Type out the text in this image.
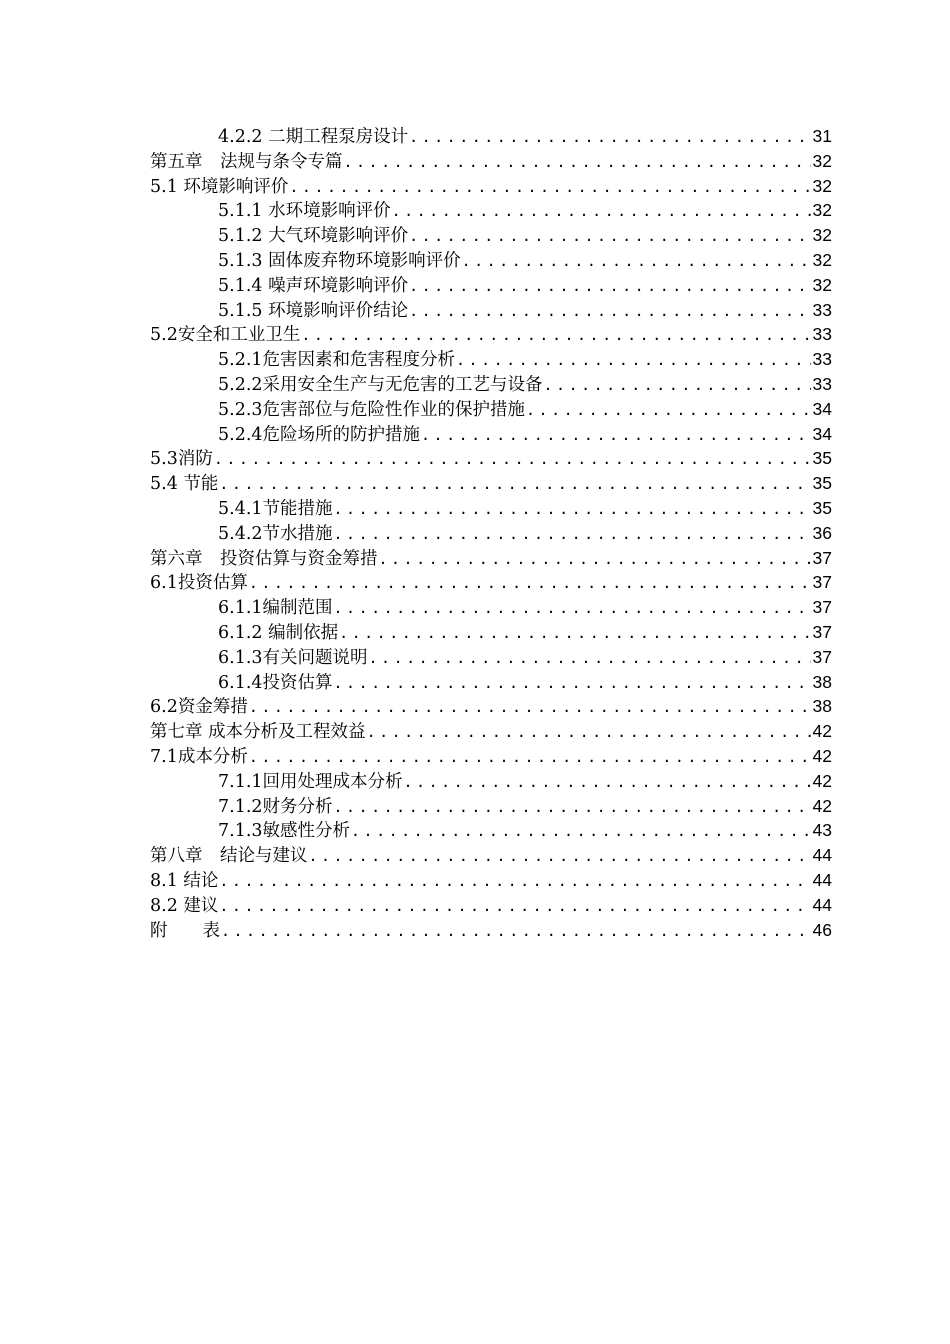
4.2.2 二期工程泵房设计 .....	31
第五章　法规与条令专篇 .....	32
5.1 环境影响评价 .....	32
5.1.1 水环境影响评价 .....	32
5.1.2 大气环境影响评价 .....	32
5.1.3 固体废弃物环境影响评价 .....	32
5.1.4 噪声环境影响评价 .....	32
5.1.5 环境影响评价结论 .....	33
5.2安全和工业卫生 .....	33
5.2.1危害因素和危害程度分析 .....	33
5.2.2采用安全生产与无危害的工艺与设备 .....	33
5.2.3危害部位与危险性作业的保护措施 .....	34
5.2.4危险场所的防护措施 .....	34
5.3消防 .....	35
5.4 节能 .....	35
5.4.1节能措施 .....	35
5.4.2节水措施 .....	36
第六章　投资估算与资金筹措 .....	37
6.1投资估算 .....	37
6.1.1编制范围 .....	37
6.1.2 编制依据 .....	37
6.1.3有关问题说明 .....	37
6.1.4投资估算 .....	38
6.2资金筹措 .....	38
第七章 成本分析及工程效益 .....	42
7.1成本分析 .....	42
7.1.1回用处理成本分析 .....	42
7.1.2财务分析 .....	42
7.1.3敏感性分析 .....	43
第八章　结论与建议 .....	44
8.1 结论 .....	44
8.2 建议 .....	44
附　　表 .....	46
